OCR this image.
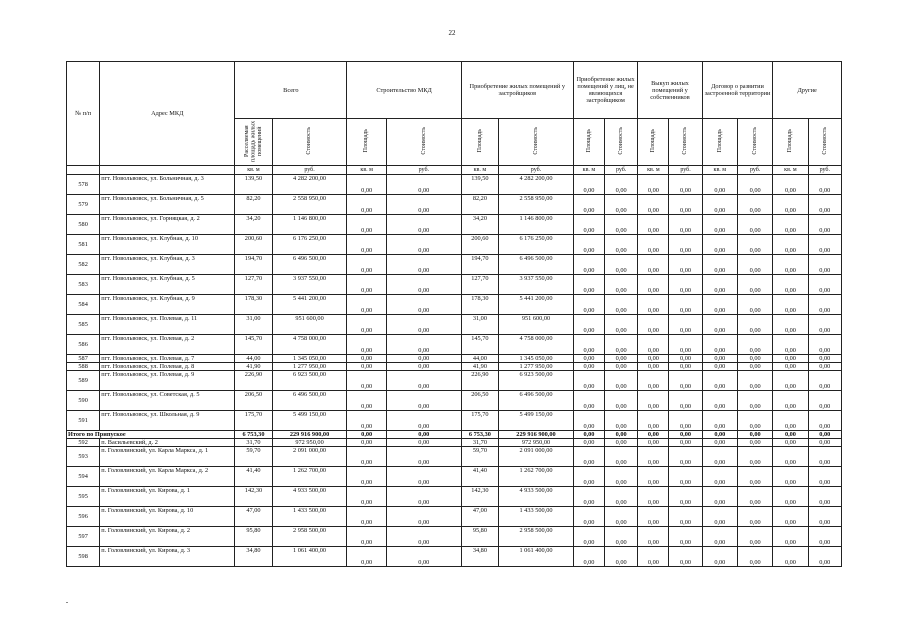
22
№ п/п	Адрес МКД	Всего		Строительство МКД		Приобретение жилых помещений у застройщиков		Приобретение жилых помещений у лиц, не являющихся застройщиком		Выкуп жилых помещений у собственников		Договор о развитии застроенной территории		Другие	
		Расселяемая площадь жилых помещений	Стоимость	Площадь	Стоимость	Площадь	Стоимость	Площадь	Стоимость	Площадь	Стоимость	Площадь	Стоимость	Площадь	Стоимость
		кв. м	руб.	кв. м	руб.	кв. м	руб.	кв. м	руб.	кв. м	руб.	кв. м	руб.	кв. м	руб.
578	пгт. Новольвовск, ул. Больничная, д. 3	139,50	4 282 200,00	0,00	0,00	139,50	4 282 200,00	0,00	0,00	0,00	0,00	0,00	0,00	0,00	0,00
579	пгт. Новольвовск, ул. Больничная, д. 5	82,20	2 558 950,00	0,00	0,00	82,20	2 558 950,00	0,00	0,00	0,00	0,00	0,00	0,00	0,00	0,00
580	пгт. Новольвовск, ул. Горняцкая, д. 2	34,20	1 146 800,00	0,00	0,00	34,20	1 146 800,00	0,00	0,00	0,00	0,00	0,00	0,00	0,00	0,00
581	пгт. Новольвовск, ул. Клубная, д. 10	200,60	6 176 250,00	0,00	0,00	200,60	6 176 250,00	0,00	0,00	0,00	0,00	0,00	0,00	0,00	0,00
582	пгт. Новольвовск, ул. Клубная, д. 3	194,70	6 496 500,00	0,00	0,00	194,70	6 496 500,00	0,00	0,00	0,00	0,00	0,00	0,00	0,00	0,00
583	пгт. Новольвовск, ул. Клубная, д. 5	127,70	3 937 550,00	0,00	0,00	127,70	3 937 550,00	0,00	0,00	0,00	0,00	0,00	0,00	0,00	0,00
584	пгт. Новольвовск, ул. Клубная, д. 9	178,30	5 441 200,00	0,00	0,00	178,30	5 441 200,00	0,00	0,00	0,00	0,00	0,00	0,00	0,00	0,00
585	пгт. Новольвовск, ул. Полевая, д. 11	31,00	951 600,00	0,00	0,00	31,00	951 600,00	0,00	0,00	0,00	0,00	0,00	0,00	0,00	0,00
586	пгт. Новольвовск, ул. Полевая, д. 2	145,70	4 758 000,00	0,00	0,00	145,70	4 758 000,00	0,00	0,00	0,00	0,00	0,00	0,00	0,00	0,00
587	пгт. Новольвовск, ул. Полевая, д. 7	44,00	1 345 050,00	0,00	0,00	44,00	1 345 050,00	0,00	0,00	0,00	0,00	0,00	0,00	0,00	0,00
588	пгт. Новольвовск, ул. Полевая, д. 8	41,90	1 277 950,00	0,00	0,00	41,90	1 277 950,00	0,00	0,00	0,00	0,00	0,00	0,00	0,00	0,00
589	пгт. Новольвовск, ул. Полевая, д. 9	226,90	6 923 500,00	0,00	0,00	226,90	6 923 500,00	0,00	0,00	0,00	0,00	0,00	0,00	0,00	0,00
590	пгт. Новольвовск, ул. Советская, д. 5	206,50	6 496 500,00	0,00	0,00	206,50	6 496 500,00	0,00	0,00	0,00	0,00	0,00	0,00	0,00	0,00
591	пгт. Новольвовск, ул. Школьная, д. 9	175,70	5 499 150,00	0,00	0,00	175,70	5 499 150,00	0,00	0,00	0,00	0,00	0,00	0,00	0,00	0,00
Итого по Припуское		6 753,30	229 916 900,00	0,00	0,00	6 753,30	229 916 900,00	0,00	0,00	0,00	0,00	0,00	0,00	0,00	0,00
592	п. Васильевский, д. 2	31,70	972 950,00	0,00	0,00	31,70	972 950,00	0,00	0,00	0,00	0,00	0,00	0,00	0,00	0,00
593	п. Головлинский, ул. Карла Маркса, д. 1	59,70	2 091 000,00	0,00	0,00	59,70	2 091 000,00	0,00	0,00	0,00	0,00	0,00	0,00	0,00	0,00
594	п. Головлинский, ул. Карла Маркса, д. 2	41,40	1 262 700,00	0,00	0,00	41,40	1 262 700,00	0,00	0,00	0,00	0,00	0,00	0,00	0,00	0,00
595	п. Головлинский, ул. Кирова, д. 1	142,30	4 933 500,00	0,00	0,00	142,30	4 933 500,00	0,00	0,00	0,00	0,00	0,00	0,00	0,00	0,00
596	п. Головлинский, ул. Кирова, д. 10	47,00	1 433 500,00	0,00	0,00	47,00	1 433 500,00	0,00	0,00	0,00	0,00	0,00	0,00	0,00	0,00
597	п. Головлинский, ул. Кирова, д. 2	95,80	2 958 500,00	0,00	0,00	95,80	2 958 500,00	0,00	0,00	0,00	0,00	0,00	0,00	0,00	0,00
598	п. Головлинский, ул. Кирова, д. 3	34,80	1 061 400,00	0,00	0,00	34,80	1 061 400,00	0,00	0,00	0,00	0,00	0,00	0,00	0,00	0,00
